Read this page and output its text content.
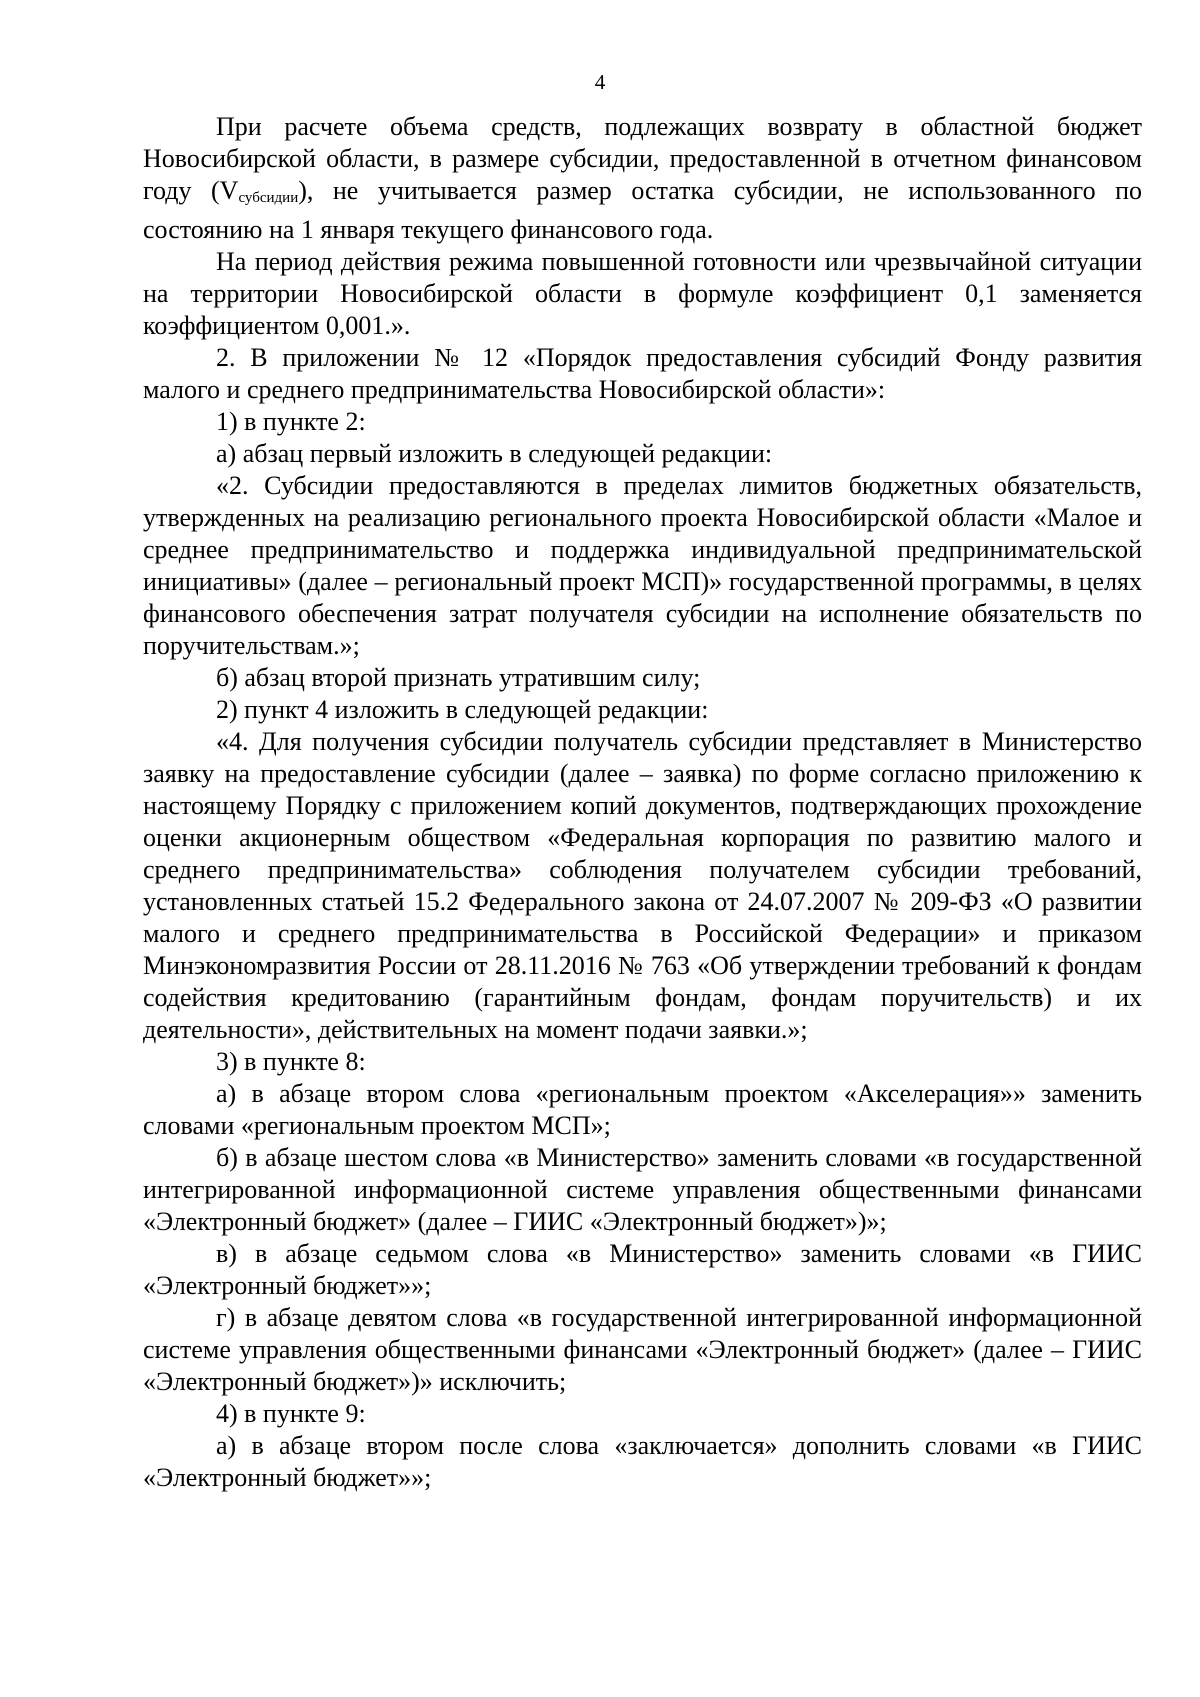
4

При расчете объема средств, подлежащих возврату в областной бюджет Новосибирской области, в размере субсидии, предоставленной в отчетном финансовом году $(V_{субсидии})$, не учитывается размер остатка субсидии, не использованного по состоянию на 1 января текущего финансового года.

На период действия режима повышенной готовности или чрезвычайной ситуации на территории Новосибирской области в формуле коэффициент 0,1 заменяется коэффициентом 0,001.».

2. В приложении № 12 «Порядок предоставления субсидий Фонду развития малого и среднего предпринимательства Новосибирской области»:

1) в пункте 2:

а) абзац первый изложить в следующей редакции:

«2. Субсидии предоставляются в пределах лимитов бюджетных обязательств, утвержденных на реализацию регионального проекта Новосибирской области «Малое и среднее предпринимательство и поддержка индивидуальной предпринимательской инициативы» (далее – региональный проект МСП)» государственной программы, в целях финансового обеспечения затрат получателя субсидии на исполнение обязательств по поручительствам.»;

б) абзац второй признать утратившим силу;

2) пункт 4 изложить в следующей редакции:

«4. Для получения субсидии получатель субсидии представляет в Министерство заявку на предоставление субсидии (далее – заявка) по форме согласно приложению к настоящему Порядку с приложением копий документов, подтверждающих прохождение оценки акционерным обществом «Федеральная корпорация по развитию малого и среднего предпринимательства» соблюдения получателем субсидии требований, установленных статьей 15.2 Федерального закона от 24.07.2007 № 209-ФЗ «О развитии малого и среднего предпринимательства в Российской Федерации» и приказом Минэкономразвития России от 28.11.2016 № 763 «Об утверждении требований к фондам содействия кредитованию (гарантийным фондам, фондам поручительств) и их деятельности», действительных на момент подачи заявки.»;

3) в пункте 8:

а) в абзаце втором слова «региональным проектом «Акселерация»» заменить словами «региональным проектом МСП»;

б) в абзаце шестом слова «в Министерство» заменить словами «в государственной интегрированной информационной системе управления общественными финансами «Электронный бюджет» (далее – ГИИС «Электронный бюджет»)»;

в) в абзаце седьмом слова «в Министерство» заменить словами «в ГИИС «Электронный бюджет»»;

г) в абзаце девятом слова «в государственной интегрированной информационной системе управления общественными финансами «Электронный бюджет» (далее – ГИИС «Электронный бюджет»)» исключить;

4) в пункте 9:

а) в абзаце втором после слова «заключается» дополнить словами «в ГИИС «Электронный бюджет»»;
